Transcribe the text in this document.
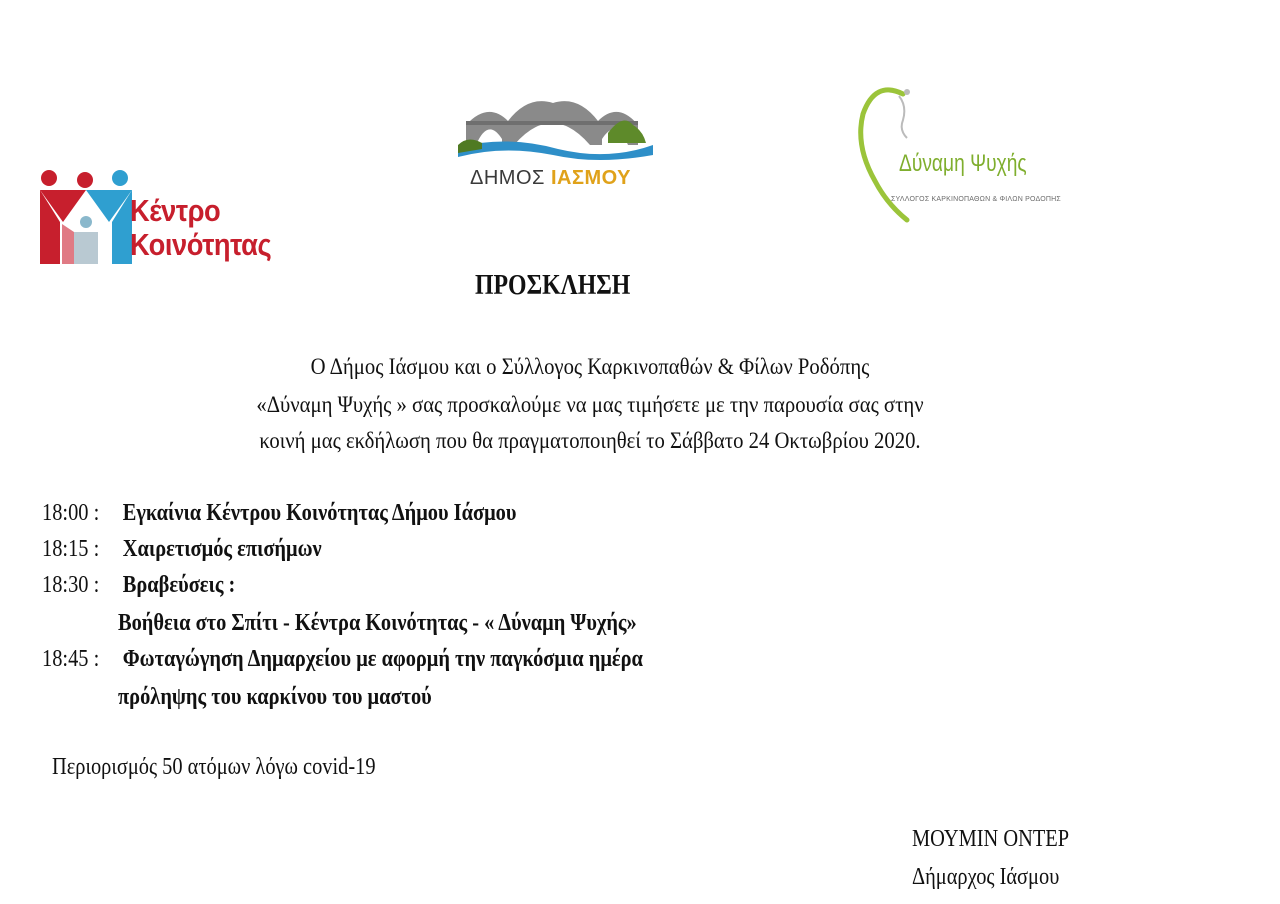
Κέντρο
Κοινότητας
ΔΗΜΟΣ ΙΑΣΜΟΥ
Δύναμη Ψυχής
ΣΥΛΛΟΓΟΣ ΚΑΡΚΙΝΟΠΑΘΩΝ & ΦΙΛΩΝ ΡΟΔΟΠΗΣ
ΠΡΟΣΚΛΗΣΗ
Ο Δήμος Ιάσμου και ο Σύλλογος Καρκινοπαθών & Φίλων Ροδόπης
«Δύναμη Ψυχής » σας προσκαλούμε να μας τιμήσετε με την παρουσία σας στην
κοινή μας εκδήλωση που θα πραγματοποιηθεί το Σάββατο 24 Οκτωβρίου 2020.
18:00 : Εγκαίνια Κέντρου Κοινότητας Δήμου Ιάσμου
18:15 : Χαιρετισμός επισήμων
18:30 : Βραβεύσεις :
Βοήθεια στο Σπίτι - Κέντρα Κοινότητας - « Δύναμη Ψυχής»
18:45 : Φωταγώγηση Δημαρχείου με αφορμή την παγκόσμια ημέρα
πρόληψης του καρκίνου του μαστού
Περιορισμός 50 ατόμων λόγω covid-19
ΜΟΥΜΙΝ ΟΝΤΕΡ
Δήμαρχος Ιάσμου
